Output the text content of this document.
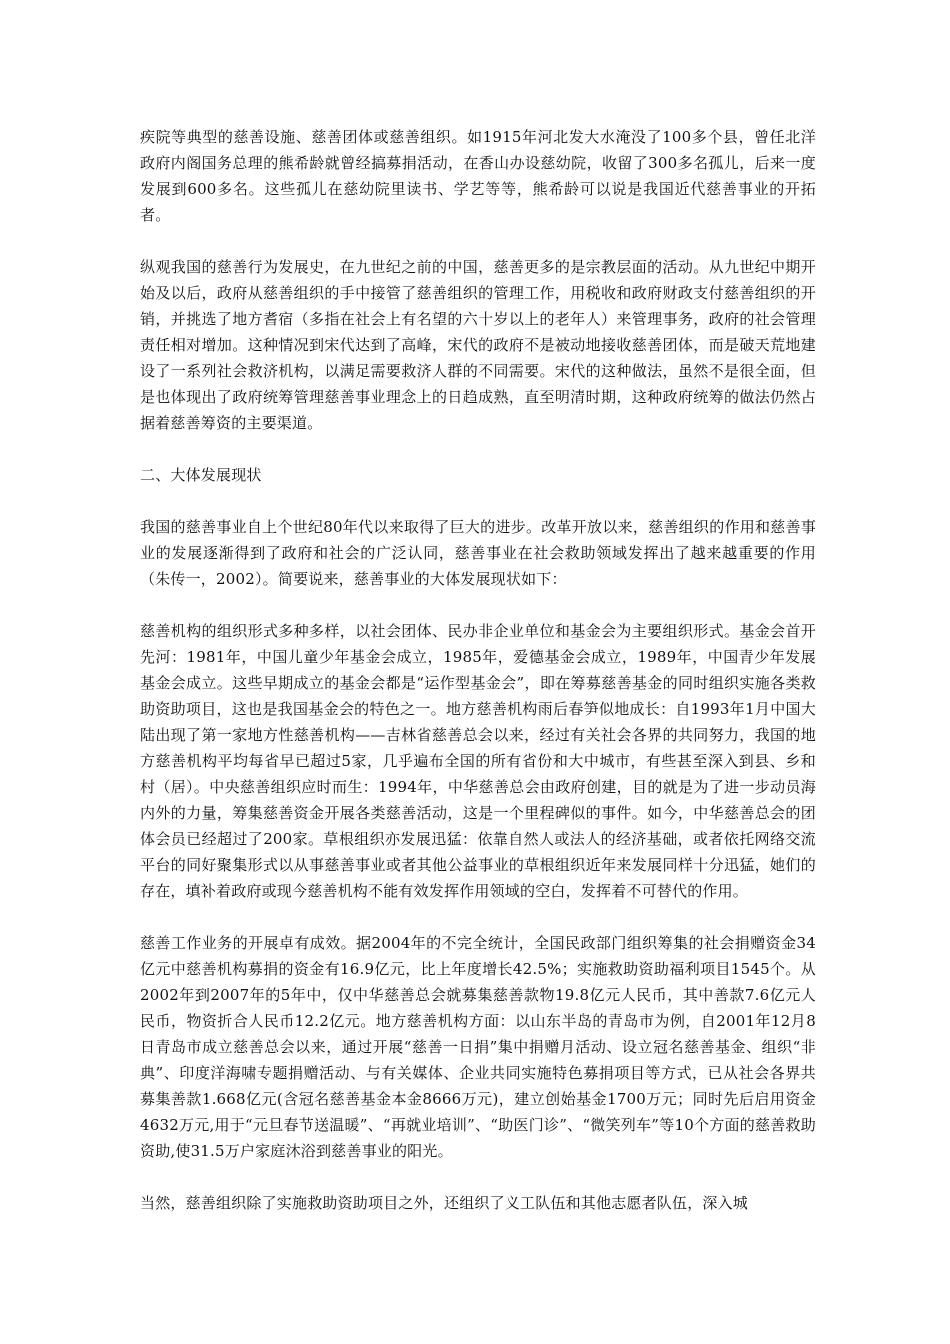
疾院等典型的慈善设施、慈善团体或慈善组织。如1915年河北发大水淹没了100多个县，曾任北洋政府内阁国务总理的熊希龄就曾经搞募捐活动，在香山办设慈幼院，收留了300多名孤儿，后来一度发展到600多名。这些孤儿在慈幼院里读书、学艺等等，熊希龄可以说是我国近代慈善事业的开拓者。

纵观我国的慈善行为发展史，在九世纪之前的中国，慈善更多的是宗教层面的活动。从九世纪中期开始及以后，政府从慈善组织的手中接管了慈善组织的管理工作，用税收和政府财政支付慈善组织的开销，并挑选了地方耆宿（多指在社会上有名望的六十岁以上的老年人）来管理事务，政府的社会管理责任相对增加。这种情况到宋代达到了高峰，宋代的政府不是被动地接收慈善团体，而是破天荒地建设了一系列社会救济机构，以满足需要救济人群的不同需要。宋代的这种做法，虽然不是很全面，但是也体现出了政府统筹管理慈善事业理念上的日趋成熟，直至明清时期，这种政府统筹的做法仍然占据着慈善筹资的主要渠道。

二、大体发展现状

我国的慈善事业自上个世纪80年代以来取得了巨大的进步。改革开放以来，慈善组织的作用和慈善事业的发展逐渐得到了政府和社会的广泛认同，慈善事业在社会救助领域发挥出了越来越重要的作用（朱传一，2002）。简要说来，慈善事业的大体发展现状如下：

慈善机构的组织形式多种多样，以社会团体、民办非企业单位和基金会为主要组织形式。基金会首开先河：1981年，中国儿童少年基金会成立，1985年，爱德基金会成立，1989年，中国青少年发展基金会成立。这些早期成立的基金会都是“运作型基金会”，即在筹募慈善基金的同时组织实施各类救助资助项目，这也是我国基金会的特色之一。地方慈善机构雨后春笋似地成长：自1993年1月中国大陆出现了第一家地方性慈善机构——吉林省慈善总会以来，经过有关社会各界的共同努力，我国的地方慈善机构平均每省早已超过5家，几乎遍布全国的所有省份和大中城市，有些甚至深入到县、乡和村（居）。中央慈善组织应时而生：1994年，中华慈善总会由政府创建，目的就是为了进一步动员海内外的力量，筹集慈善资金开展各类慈善活动，这是一个里程碑似的事件。如今，中华慈善总会的团体会员已经超过了200家。草根组织亦发展迅猛：依靠自然人或法人的经济基础，或者依托网络交流平台的同好聚集形式以从事慈善事业或者其他公益事业的草根组织近年来发展同样十分迅猛，她们的存在，填补着政府或现今慈善机构不能有效发挥作用领域的空白，发挥着不可替代的作用。

慈善工作业务的开展卓有成效。据2004年的不完全统计，全国民政部门组织筹集的社会捐赠资金34亿元中慈善机构募捐的资金有16.9亿元，比上年度增长42.5%；实施救助资助福利项目1545个。从2002年到2007年的5年中，仅中华慈善总会就募集慈善款物19.8亿元人民币，其中善款7.6亿元人民币，物资折合人民币12.2亿元。地方慈善机构方面：以山东半岛的青岛市为例，自2001年12月8日青岛市成立慈善总会以来，通过开展“慈善一日捐”集中捐赠月活动、设立冠名慈善基金、组织“非典”、印度洋海啸专题捐赠活动、与有关媒体、企业共同实施特色募捐项目等方式，已从社会各界共募集善款1.668亿元(含冠名慈善基金本金8666万元)，建立创始基金1700万元；同时先后启用资金4632万元,用于“元旦春节送温暖”、“再就业培训”、“助医门诊”、“微笑列车”等10个方面的慈善救助资助,使31.5万户家庭沐浴到慈善事业的阳光。

当然，慈善组织除了实施救助资助项目之外，还组织了义工队伍和其他志愿者队伍，深入城
